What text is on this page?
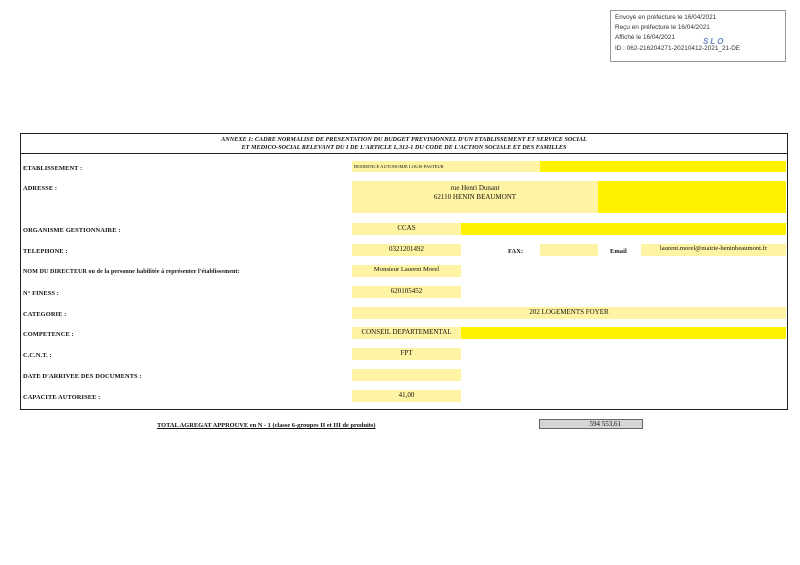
Envoyé en préfecture le 16/04/2021
Reçu en préfecture le 16/04/2021
Affiché le 16/04/2021
ID : 062-216204271-20210412-2021_21-DE
SLO
ANNEXE 1: CADRE NORMALISE DE PRESENTATION DU BUDGET PREVISIONNEL D'UN ETABLISSEMENT ET SERVICE SOCIAL
ET MEDICO-SOCIAL RELEVANT DU I DE L'ARTICLE L.312-1 DU CODE DE L'ACTION SOCIALE ET DES FAMILLES
ETABLISSEMENT :	RESIDENCE AUTONOMIE LOUIS PASTEUR
ADRESSE :	rue Henri Dunant
62110 HENIN BEAUMONT
ORGANISME GESTIONNAIRE :	CCAS
TELEPHONE :	0321201492	FAX:	Email	laurent.morel@mairie-heninbeaumont.fr
NOM DU DIRECTEUR ou de la personne habilitée à représenter l'établissement:	Monsieur Laurent Morel
N° FINESS :	620105452
CATEGORIE :	202 LOGEMENTS FOYER
COMPETENCE :	CONSEIL DEPARTEMENTAL
C.C.N.T. :	FPT
DATE D'ARRIVEE DES DOCUMENTS :
CAPACITE AUTORISEE :	41,00
TOTAL AGREGAT APPROUVE en N - 1 (classe 6-groupes II et III de produits)	594 553,61
